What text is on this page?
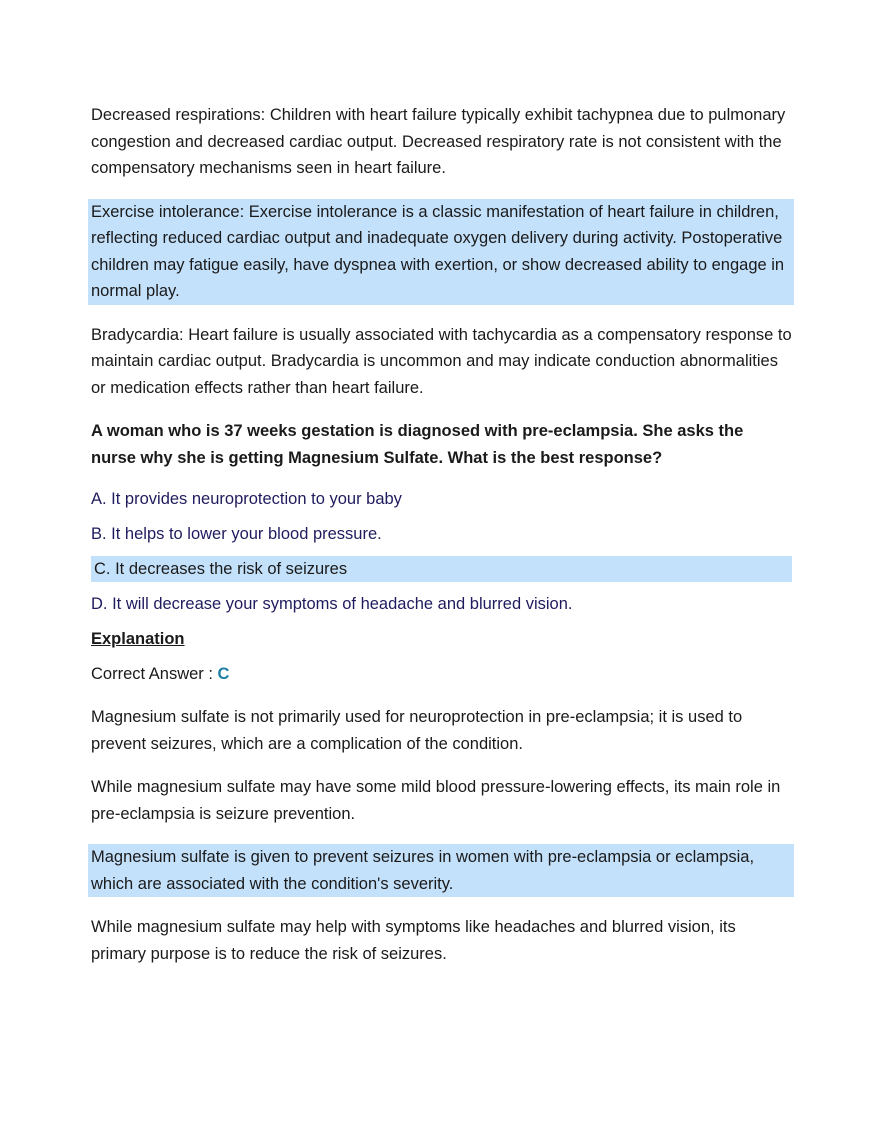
Decreased respirations: Children with heart failure typically exhibit tachypnea due to pulmonary congestion and decreased cardiac output. Decreased respiratory rate is not consistent with the compensatory mechanisms seen in heart failure.

Exercise intolerance: Exercise intolerance is a classic manifestation of heart failure in children, reflecting reduced cardiac output and inadequate oxygen delivery during activity. Postoperative children may fatigue easily, have dyspnea with exertion, or show decreased ability to engage in normal play.

Bradycardia: Heart failure is usually associated with tachycardia as a compensatory response to maintain cardiac output. Bradycardia is uncommon and may indicate conduction abnormalities or medication effects rather than heart failure.

A woman who is 37 weeks gestation is diagnosed with pre-eclampsia. She asks the nurse why she is getting Magnesium Sulfate. What is the best response?

A. It provides neuroprotection to your baby
B. It helps to lower your blood pressure.
C. It decreases the risk of seizures
D. It will decrease your symptoms of headache and blurred vision.
Explanation
Correct Answer : C

Magnesium sulfate is not primarily used for neuroprotection in pre-eclampsia; it is used to prevent seizures, which are a complication of the condition.

While magnesium sulfate may have some mild blood pressure-lowering effects, its main role in pre-eclampsia is seizure prevention.

Magnesium sulfate is given to prevent seizures in women with pre-eclampsia or eclampsia, which are associated with the condition's severity.

While magnesium sulfate may help with symptoms like headaches and blurred vision, its primary purpose is to reduce the risk of seizures.
